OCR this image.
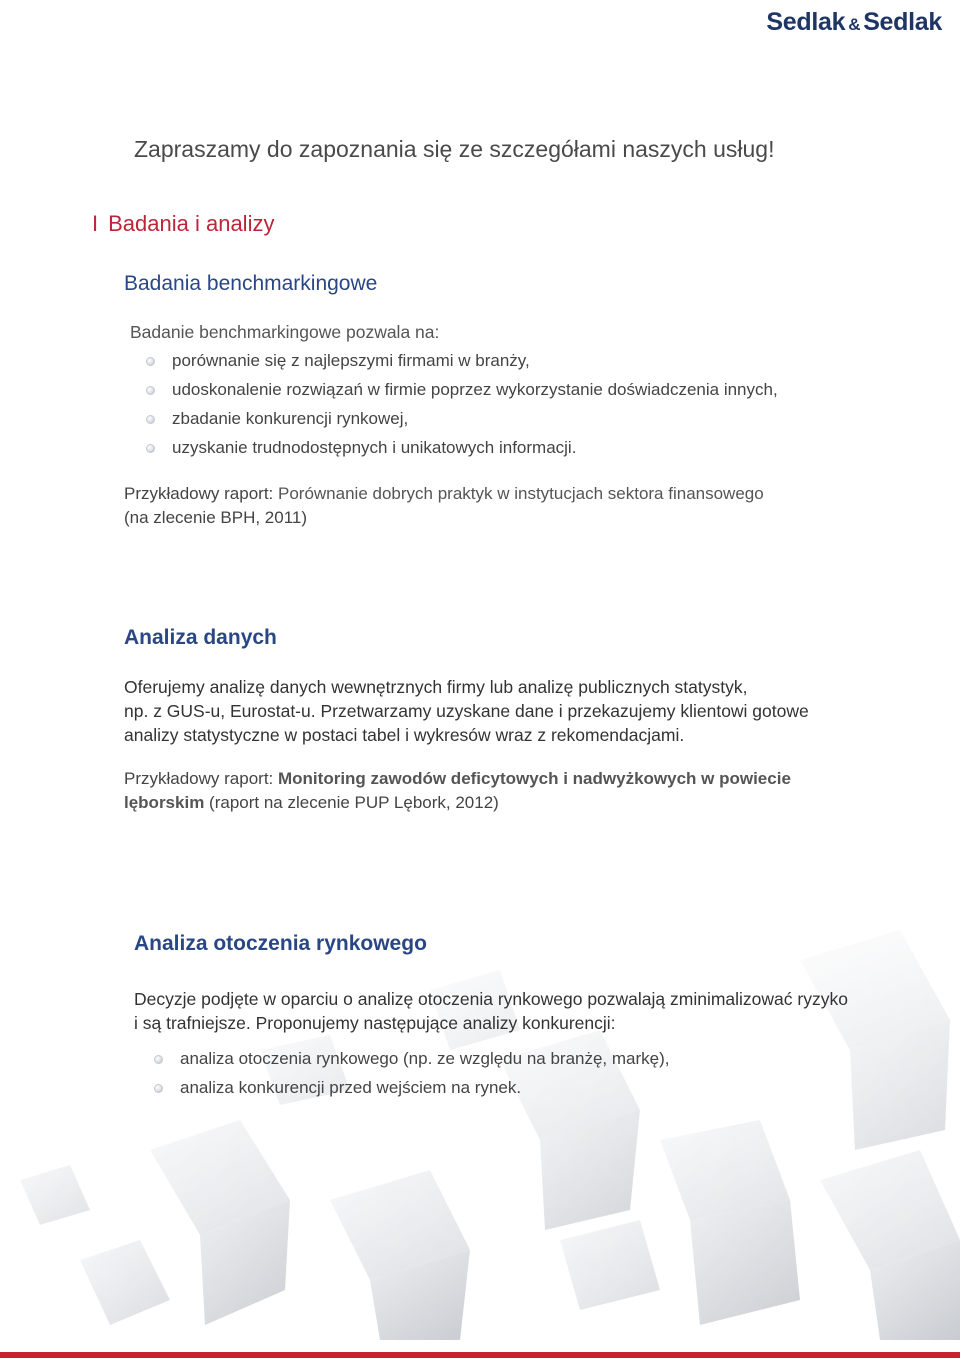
Sedlak & Sedlak
Zapraszamy do zapoznania się ze szczegółami naszych usług!
I Badania i analizy
Badania benchmarkingowe

Badanie benchmarkingowe pozwala na:

porównanie się z najlepszymi firmami w branży,
udoskonalenie rozwiązań w firmie poprzez wykorzystanie doświadczenia innych,
zbadanie konkurencji rynkowej,
uzyskanie trudnodostępnych i unikatowych informacji.

Przykładowy raport: Porównanie dobrych praktyk w instytucjach sektora finansowego
(na zlecenie BPH, 2011)

Analiza danych

Oferujemy analizę danych wewnętrznych firmy lub analizę publicznych statystyk,
np. z GUS-u, Eurostat-u. Przetwarzamy uzyskane dane i przekazujemy klientowi gotowe
analizy statystyczne w postaci tabel i wykresów wraz z rekomendacjami.

Przykładowy raport: Monitoring zawodów deficytowych i nadwyżkowych w powiecie
lęborskim (raport na zlecenie PUP Lębork, 2012)

Analiza otoczenia rynkowego

Decyzje podjęte w oparciu o analizę otoczenia rynkowego pozwalają zminimalizować ryzyko
i są trafniejsze. Proponujemy następujące analizy konkurencji:

analiza otoczenia rynkowego (np. ze względu na branżę, markę),
analiza konkurencji przed wejściem na rynek.
